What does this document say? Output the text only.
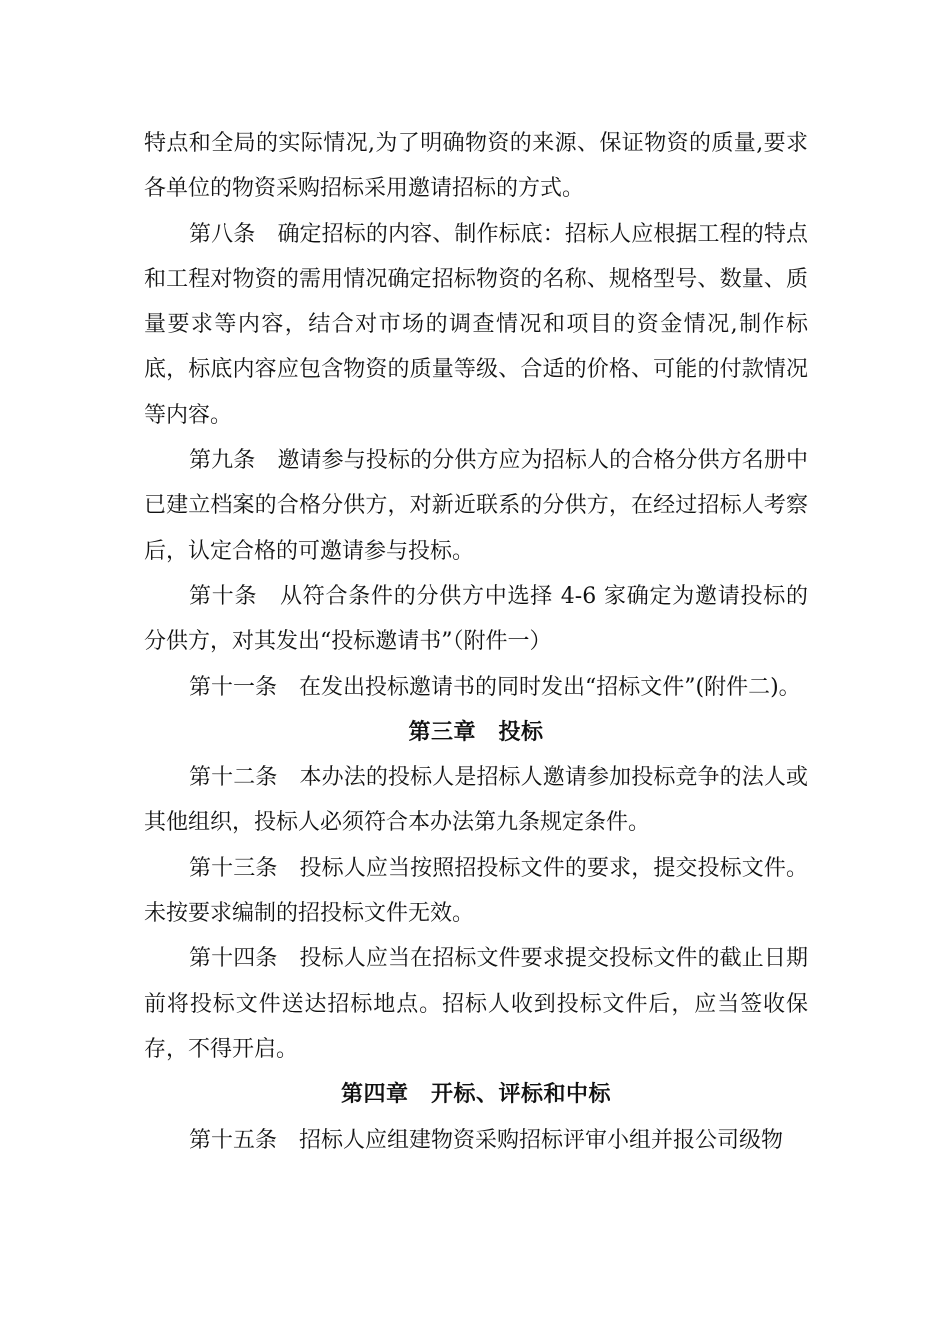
特点和全局的实际情况,为了明确物资的来源、保证物资的质量,要求各单位的物资采购招标采用邀请招标的方式。

第八条　确定招标的内容、制作标底：招标人应根据工程的特点和工程对物资的需用情况确定招标物资的名称、规格型号、数量、质量要求等内容，结合对市场的调查情况和项目的资金情况,制作标底，标底内容应包含物资的质量等级、合适的价格、可能的付款情况等内容。

第九条　邀请参与投标的分供方应为招标人的合格分供方名册中已建立档案的合格分供方，对新近联系的分供方，在经过招标人考察后，认定合格的可邀请参与投标。

第十条　从符合条件的分供方中选择 4-6 家确定为邀请投标的分供方，对其发出“投标邀请书”（附件一）

第十一条　在发出投标邀请书的同时发出“招标文件”(附件二)。

第三章　投标

第十二条　本办法的投标人是招标人邀请参加投标竞争的法人或其他组织，投标人必须符合本办法第九条规定条件。

第十三条　投标人应当按照招投标文件的要求，提交投标文件。未按要求编制的招投标文件无效。

第十四条　投标人应当在招标文件要求提交投标文件的截止日期前将投标文件送达招标地点。招标人收到投标文件后，应当签收保存，不得开启。

第四章　开标、评标和中标

第十五条　招标人应组建物资采购招标评审小组并报公司级物
